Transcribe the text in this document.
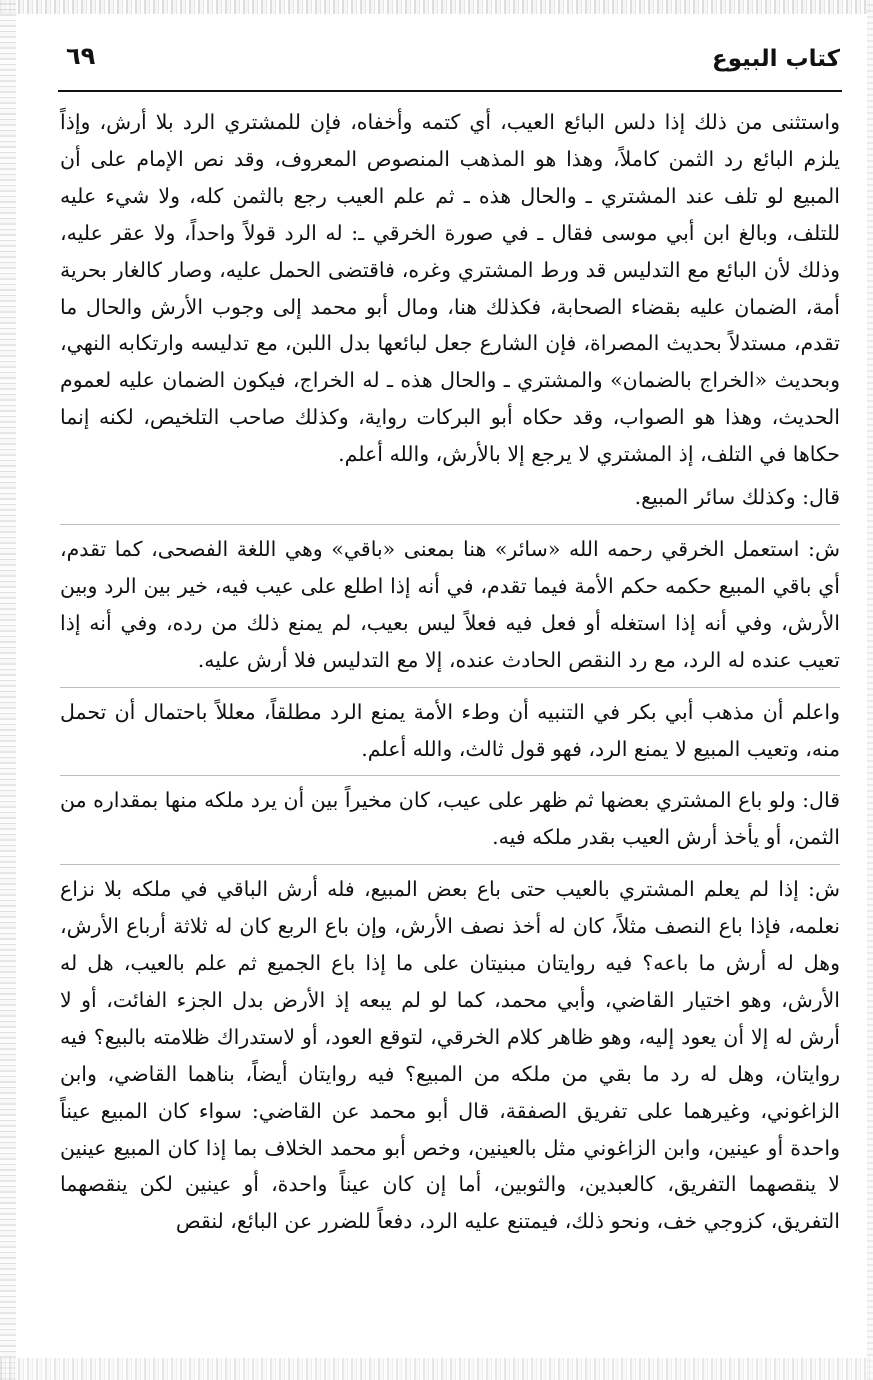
كتاب البيوع
٦٩

واستثنى من ذلك إذا دلس البائع العيب، أي كتمه وأخفاه، فإن للمشتري الرد بلا أرش، وإذاً يلزم البائع رد الثمن كاملاً، وهذا هو المذهب المنصوص المعروف، وقد نص الإمام على أن المبيع لو تلف عند المشتري ـ والحال هذه ـ ثم علم العيب رجع بالثمن كله، ولا شيء عليه للتلف، وبالغ ابن أبي موسى فقال ـ في صورة الخرقي ـ: له الرد قولاً واحداً، ولا عقر عليه، وذلك لأن البائع مع التدليس قد ورط المشتري وغره، فاقتضى الحمل عليه، وصار كالغار بحرية أمة، الضمان عليه بقضاء الصحابة، فكذلك هنا، ومال أبو محمد إلى وجوب الأرش والحال ما تقدم، مستدلاً بحديث المصراة، فإن الشارع جعل لبائعها بدل اللبن، مع تدليسه وارتكابه النهي، وبحديث «الخراج بالضمان» والمشتري ـ والحال هذه ـ له الخراج، فيكون الضمان عليه لعموم الحديث، وهذا هو الصواب، وقد حكاه أبو البركات رواية، وكذلك صاحب التلخيص، لكنه إنما حكاها في التلف، إذ المشتري لا يرجع إلا بالأرش، والله أعلم.

قال: وكذلك سائر المبيع.

ش: استعمل الخرقي رحمه الله «سائر» هنا بمعنى «باقي» وهي اللغة الفصحى، كما تقدم، أي باقي المبيع حكمه حكم الأمة فيما تقدم، في أنه إذا اطلع على عيب فيه، خير بين الرد وبين الأرش، وفي أنه إذا استغله أو فعل فيه فعلاً ليس بعيب، لم يمنع ذلك من رده، وفي أنه إذا تعيب عنده له الرد، مع رد النقص الحادث عنده، إلا مع التدليس فلا أرش عليه.

واعلم أن مذهب أبي بكر في التنبيه أن وطء الأمة يمنع الرد مطلقاً، معللاً باحتمال أن تحمل منه، وتعيب المبيع لا يمنع الرد، فهو قول ثالث، والله أعلم.

قال: ولو باع المشتري بعضها ثم ظهر على عيب، كان مخيراً بين أن يرد ملكه منها بمقداره من الثمن، أو يأخذ أرش العيب بقدر ملكه فيه.

ش: إذا لم يعلم المشتري بالعيب حتى باع بعض المبيع، فله أرش الباقي في ملكه بلا نزاع نعلمه، فإذا باع النصف مثلاً، كان له أخذ نصف الأرش، وإن باع الربع كان له ثلاثة أرباع الأرش، وهل له أرش ما باعه؟ فيه روايتان مبنيتان على ما إذا باع الجميع ثم علم بالعيب، هل له الأرش، وهو اختيار القاضي، وأبي محمد، كما لو لم يبعه إذ الأرض بدل الجزء الفائت، أو لا أرش له إلا أن يعود إليه، وهو ظاهر كلام الخرقي، لتوقع العود، أو لاستدراك ظلامته بالبيع؟ فيه روايتان، وهل له رد ما بقي من ملكه من المبيع؟ فيه روايتان أيضاً، بناهما القاضي، وابن الزاغوني، وغيرهما على تفريق الصفقة، قال أبو محمد عن القاضي: سواء كان المبيع عيناً واحدة أو عينين، وابن الزاغوني مثل بالعينين، وخص أبو محمد الخلاف بما إذا كان المبيع عينين لا ينقصهما التفريق، كالعبدين، والثوبين، أما إن كان عيناً واحدة، أو عينين لكن ينقصهما التفريق، كزوجي خف، ونحو ذلك، فيمتنع عليه الرد، دفعاً للضرر عن البائع، لنقص
